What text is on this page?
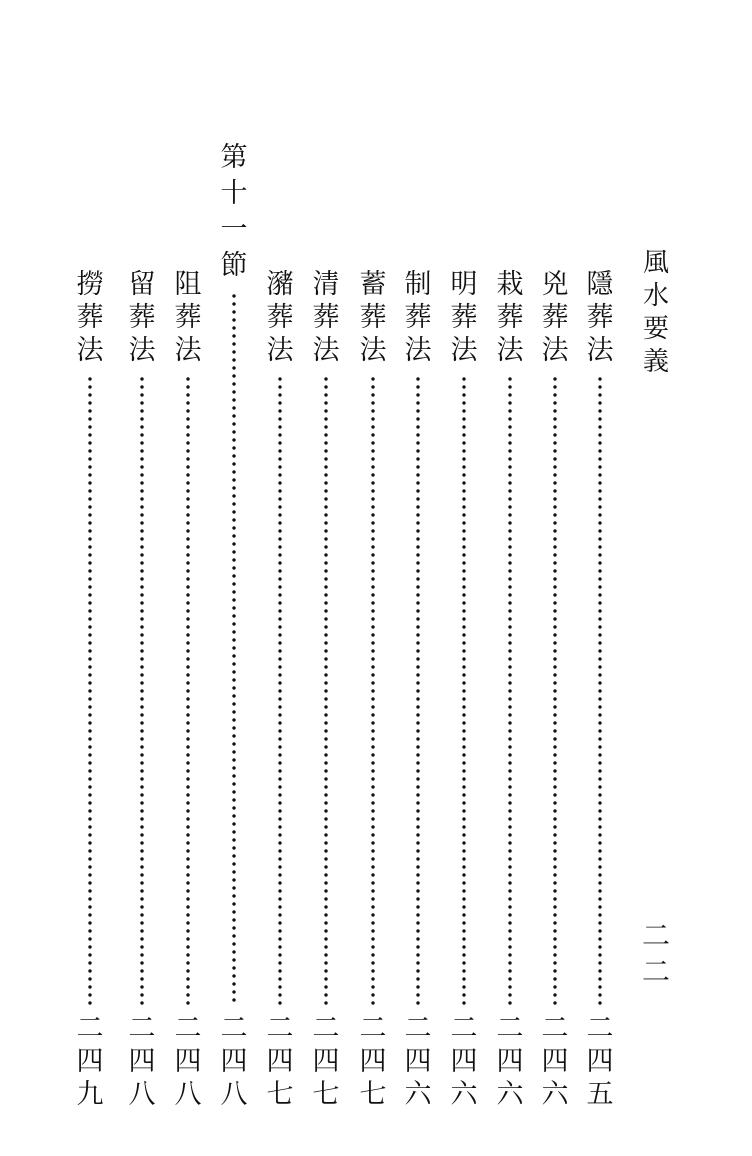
風
水
要
義
二
二
隱
葬
法
二
四
五
兇
葬
法
二
四
六
栽
葬
法
二
四
六
明
葬
法
二
四
六
制
葬
法
二
四
六
蓄
葬
法
二
四
七
清
葬
法
二
四
七
瀦
葬
法
二
四
七
第
十
一
節
二
四
八
阻
葬
法
二
四
八
留
葬
法
二
四
八
撈
葬
法
二
四
九
